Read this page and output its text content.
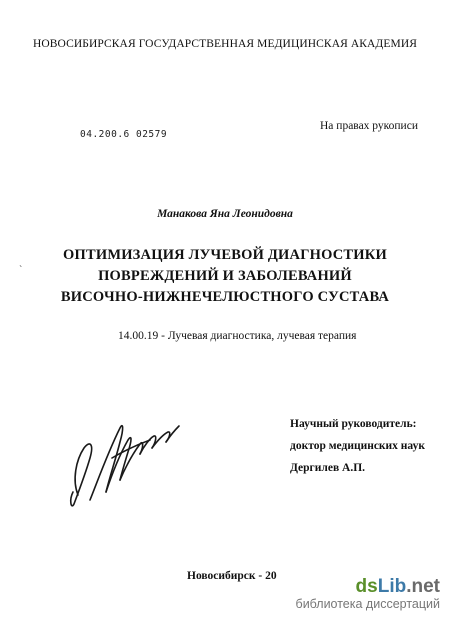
НОВОСИБИРСКАЯ ГОСУДАРСТВЕННАЯ МЕДИЦИНСКАЯ АКАДЕМИЯ
04.200.6 02579
На правах рукописи
Манакова Яна Леонидовна
`
ОПТИМИЗАЦИЯ ЛУЧЕВОЙ ДИАГНОСТИКИ
ПОВРЕЖДЕНИЙ И ЗАБОЛЕВАНИЙ
ВИСОЧНО-НИЖНЕЧЕЛЮСТНОГО СУСТАВА
14.00.19 - Лучевая диагностика, лучевая терапия
Научный руководитель:
доктор медицинских наук
Дергилев А.П.
Новосибирск - 20	dsLib.net
библиотека диссертаций
